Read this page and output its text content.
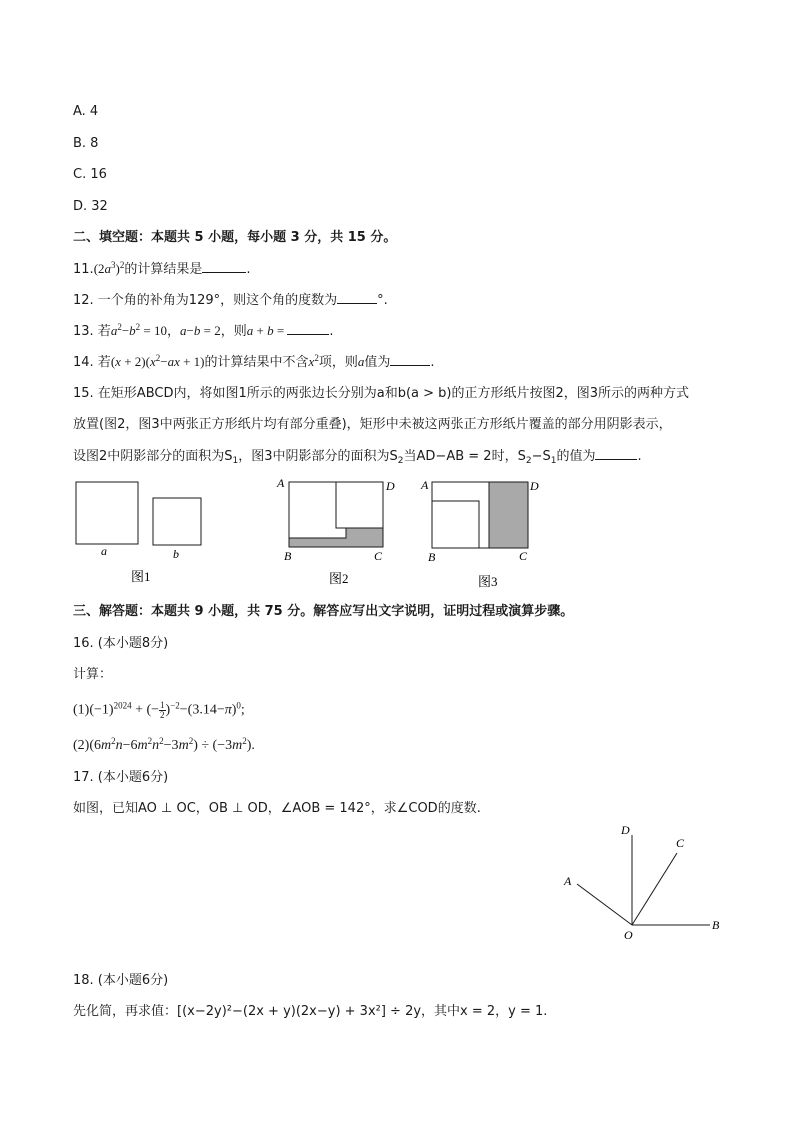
A. 4
B. 8
C. 16
D. 32
二、填空题：本题共 5 小题，每小题 3 分，共 15 分。
$11.(2a^3)^2$的计算结果是	.
12. 一个角的补角为129°，则这个角的度数为	°.
13. 若$a^2-b^2 = 10$，a−b = 2，则a + b =	.
14. 若$(x + 2)(x^2-ax + 1)$的计算结果中不含$x^2$项，则a值为	.
15. 在矩形ABCD内，将如图1所示的两张边长分别为a和b(a > b)的正方形纸片按图2，图3所示的两种方式
放置(图2，图3中两张正方形纸片均有部分重叠)，矩形中未被这两张正方形纸片覆盖的部分用阴影表示，
设图2中阴影部分的面积为$S_1$，图3中阴影部分的面积为$S_2$当AD−AB = 2时，$S_2-S_1$的值为	.
a	b
图1
A	D
B	C
图2
A	D
B	C
图3
三、解答题：本题共 9 小题，共 75 分。解答应写出文字说明，证明过程或演算步骤。
16. (本小题8分)
计算：
$(1)(-1)^{2024}$ + (− $\frac{1}{2} )^{-2}-(3.14-\pi)^0$;
$(2)(6m^2n-6m^2n^2-3m^2) \div (-3m^2)$.
17. (本小题6分)
如图，已知AO ⊥ OC，OB ⊥ OD，∠AOB = 142°，求∠COD的度数.
D
C
A
B
O
18. (本小题6分)
先化简，再求值：[(x−2y)²−(2x + y)(2x−y) + 3x²] ÷ 2y，其中x = 2，y = 1.
